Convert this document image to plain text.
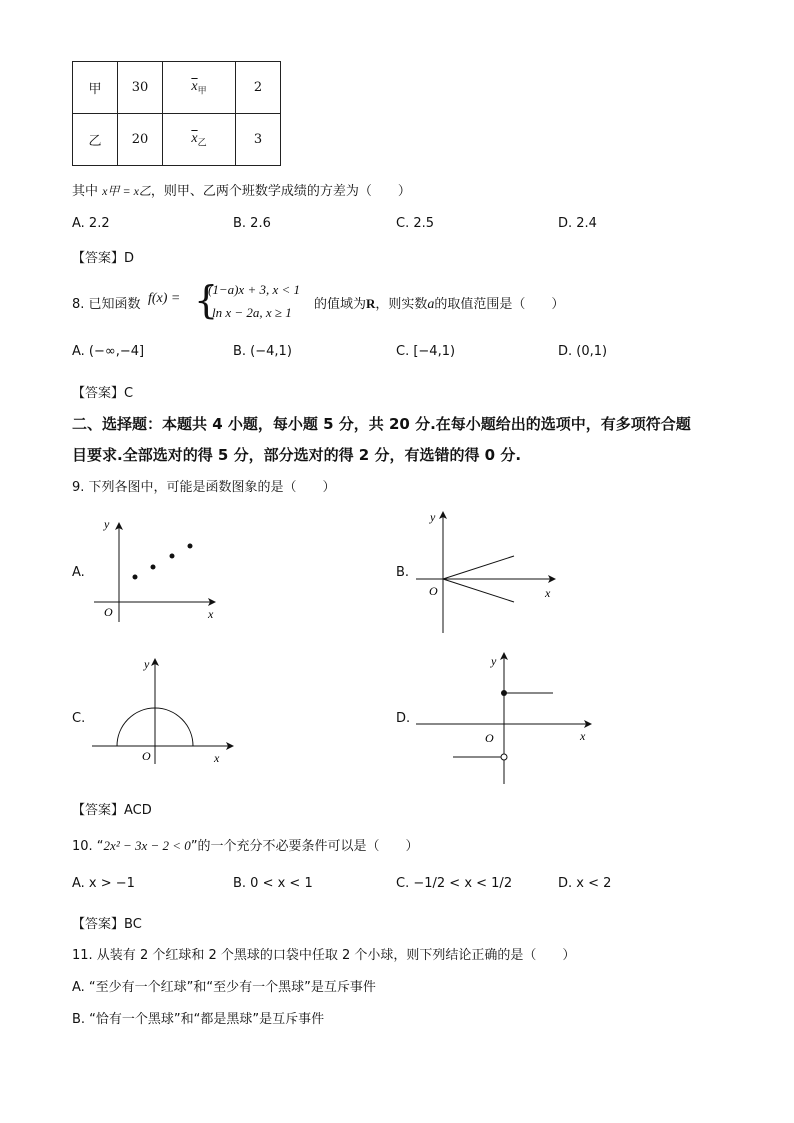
甲	30	$\overline{x}_甲$	2
乙	20	$\overline{x}_乙$	3
其中 x甲 = x乙，则甲、乙两个班数学成绩的方差为（　　）
A. 2.2	B. 2.6	C. 2.5	D. 2.4
【答案】D
8. 已知函数 f(x) = {
(1−a)x + 3, x < 1
ln x − 2a, x ≥ 1
的值域为R，则实数a的取值范围是（　　）
A. (−∞,−4]	B. (−4,1)	C. [−4,1)	D. (0,1)
【答案】C
二、选择题：本题共 4 小题，每小题 5 分，共 20 分.在每小题给出的选项中，有多项符合题
目要求.全部选对的得 5 分，部分选对的得 2 分，有选错的得 0 分.
9. 下列各图中，可能是函数图象的是（　　）
A.	B.
C.	D.
O	x
y
O	x
y
O	x
y
O	x
y
【答案】ACD
10. “2x² − 3x − 2 < 0”的一个充分不必要条件可以是（　　）
A. x > −1	B. 0 < x < 1	C. −1/2 < x < 1/2	D. x < 2
【答案】BC
11. 从装有 2 个红球和 2 个黑球的口袋中任取 2 个小球，则下列结论正确的是（　　）
A. “至少有一个红球”和“至少有一个黑球”是互斥事件
B. “恰有一个黑球”和“都是黑球”是互斥事件
